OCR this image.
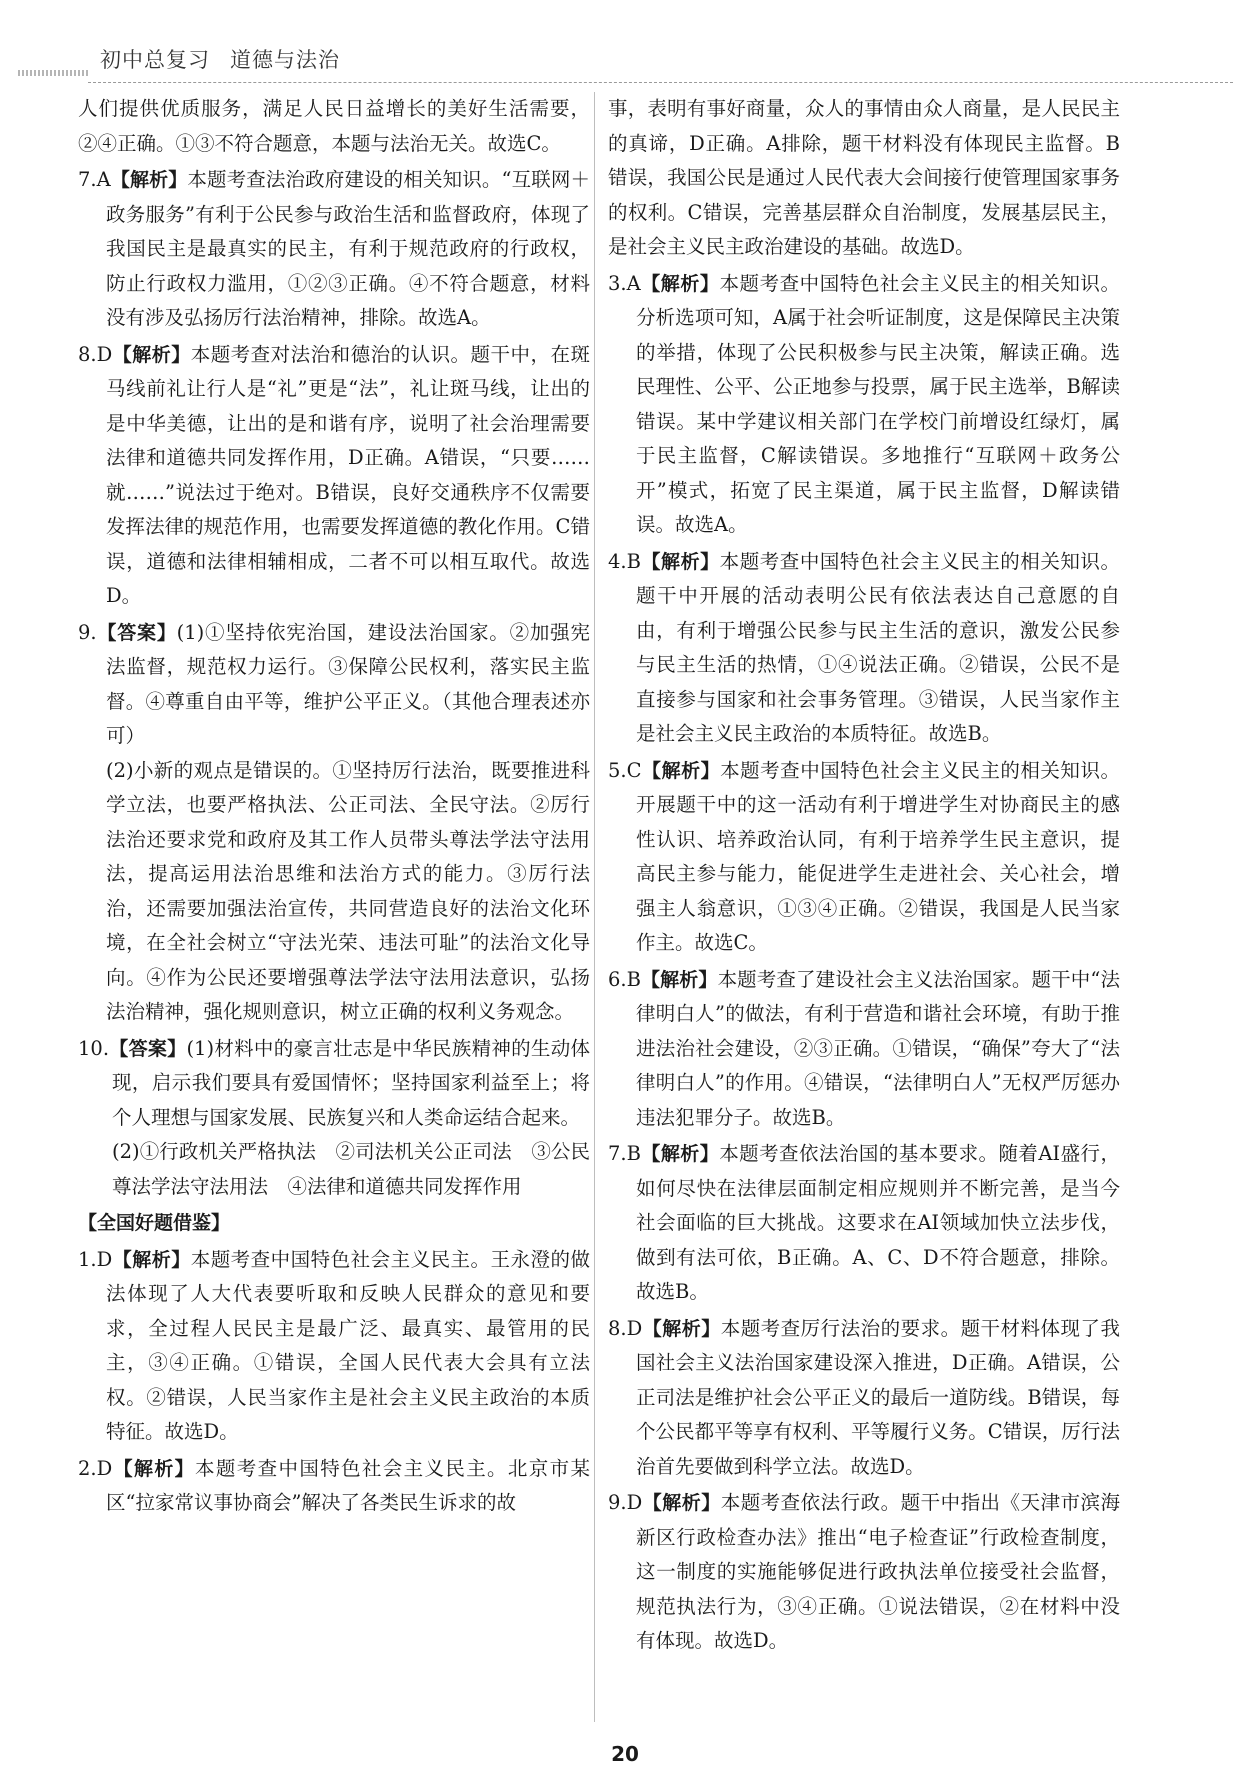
初中总复习 道德与法治

人们提供优质服务，满足人民日益增长的美好生活需要，②④正确。①③不符合题意，本题与法治无关。故选C。

7.A【解析】本题考查法治政府建设的相关知识。“互联网＋政务服务”有利于公民参与政治生活和监督政府，体现了我国民主是最真实的民主，有利于规范政府的行政权，防止行政权力滥用，①②③正确。④不符合题意，材料没有涉及弘扬厉行法治精神，排除。故选A。

8.D【解析】本题考查对法治和德治的认识。题干中，在斑马线前礼让行人是“礼”更是“法”，礼让斑马线，让出的是中华美德，让出的是和谐有序，说明了社会治理需要法律和道德共同发挥作用，D正确。A错误，“只要……就……”说法过于绝对。B错误，良好交通秩序不仅需要发挥法律的规范作用，也需要发挥道德的教化作用。C错误，道德和法律相辅相成，二者不可以相互取代。故选D。

9.【答案】(1)①坚持依宪治国，建设法治国家。②加强宪法监督，规范权力运行。③保障公民权利，落实民主监督。④尊重自由平等，维护公平正义。（其他合理表述亦可）
(2)小新的观点是错误的。①坚持厉行法治，既要推进科学立法，也要严格执法、公正司法、全民守法。②厉行法治还要求党和政府及其工作人员带头尊法学法守法用法，提高运用法治思维和法治方式的能力。③厉行法治，还需要加强法治宣传，共同营造良好的法治文化环境，在全社会树立“守法光荣、违法可耻”的法治文化导向。④作为公民还要增强尊法学法守法用法意识，弘扬法治精神，强化规则意识，树立正确的权利义务观念。

10.【答案】(1)材料中的豪言壮志是中华民族精神的生动体现，启示我们要具有爱国情怀；坚持国家利益至上；将个人理想与国家发展、民族复兴和人类命运结合起来。
(2)①行政机关严格执法　②司法机关公正司法　③公民尊法学法守法用法　④法律和道德共同发挥作用

【全国好题借鉴】

1.D【解析】本题考查中国特色社会主义民主。王永澄的做法体现了人大代表要听取和反映人民群众的意见和要求，全过程人民民主是最广泛、最真实、最管用的民主，③④正确。①错误，全国人民代表大会具有立法权。②错误，人民当家作主是社会主义民主政治的本质特征。故选D。

2.D【解析】本题考查中国特色社会主义民主。北京市某区“拉家常议事协商会”解决了各类民生诉求的故

事，表明有事好商量，众人的事情由众人商量，是人民民主的真谛，D正确。A排除，题干材料没有体现民主监督。B错误，我国公民是通过人民代表大会间接行使管理国家事务的权利。C错误，完善基层群众自治制度，发展基层民主，是社会主义民主政治建设的基础。故选D。

3.A【解析】本题考查中国特色社会主义民主的相关知识。分析选项可知，A属于社会听证制度，这是保障民主决策的举措，体现了公民积极参与民主决策，解读正确。选民理性、公平、公正地参与投票，属于民主选举，B解读错误。某中学建议相关部门在学校门前增设红绿灯，属于民主监督，C解读错误。多地推行“互联网＋政务公开”模式，拓宽了民主渠道，属于民主监督，D解读错误。故选A。

4.B【解析】本题考查中国特色社会主义民主的相关知识。题干中开展的活动表明公民有依法表达自己意愿的自由，有利于增强公民参与民主生活的意识，激发公民参与民主生活的热情，①④说法正确。②错误，公民不是直接参与国家和社会事务管理。③错误，人民当家作主是社会主义民主政治的本质特征。故选B。

5.C【解析】本题考查中国特色社会主义民主的相关知识。开展题干中的这一活动有利于增进学生对协商民主的感性认识、培养政治认同，有利于培养学生民主意识，提高民主参与能力，能促进学生走进社会、关心社会，增强主人翁意识，①③④正确。②错误，我国是人民当家作主。故选C。

6.B【解析】本题考查了建设社会主义法治国家。题干中“法律明白人”的做法，有利于营造和谐社会环境，有助于推进法治社会建设，②③正确。①错误，“确保”夸大了“法律明白人”的作用。④错误，“法律明白人”无权严厉惩办违法犯罪分子。故选B。

7.B【解析】本题考查依法治国的基本要求。随着AI盛行，如何尽快在法律层面制定相应规则并不断完善，是当今社会面临的巨大挑战。这要求在AI领域加快立法步伐，做到有法可依，B正确。A、C、D不符合题意，排除。故选B。

8.D【解析】本题考查厉行法治的要求。题干材料体现了我国社会主义法治国家建设深入推进，D正确。A错误，公正司法是维护社会公平正义的最后一道防线。B错误，每个公民都平等享有权利、平等履行义务。C错误，厉行法治首先要做到科学立法。故选D。

9.D【解析】本题考查依法行政。题干中指出《天津市滨海新区行政检查办法》推出“电子检查证”行政检查制度，这一制度的实施能够促进行政执法单位接受社会监督，规范执法行为，③④正确。①说法错误，②在材料中没有体现。故选D。

20
